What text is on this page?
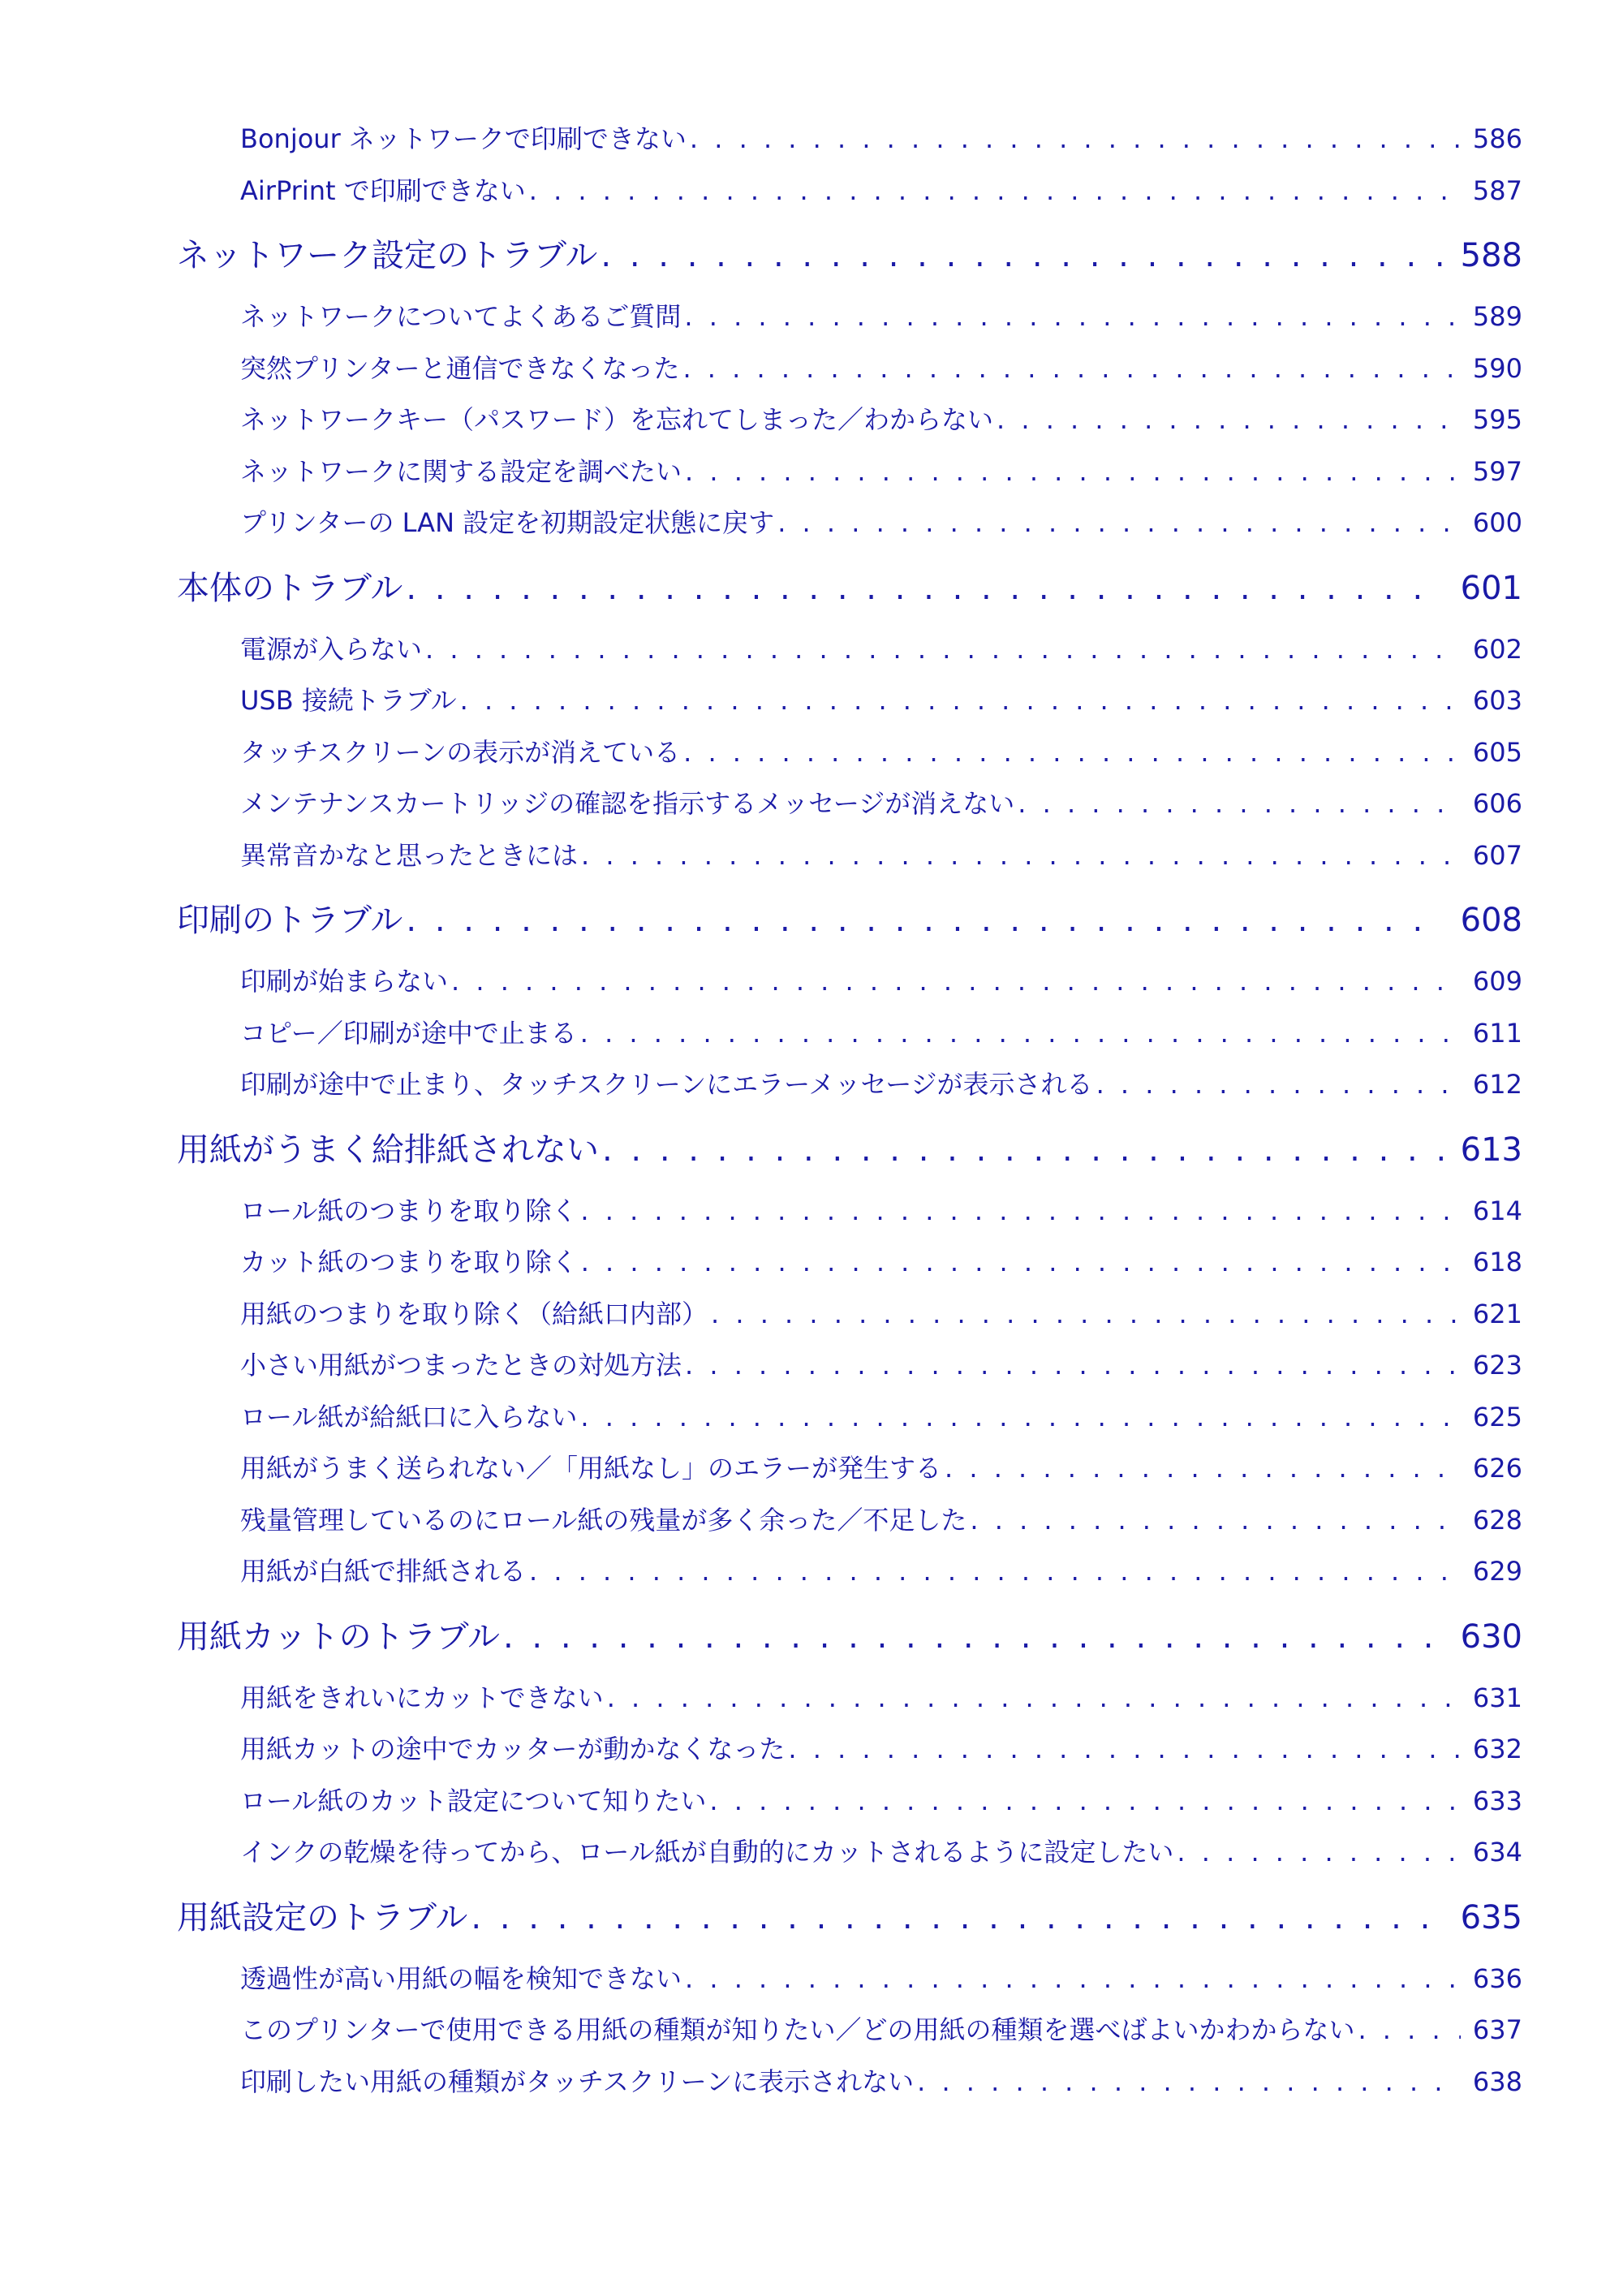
Bonjour ネットワークで印刷できない . . .	586
AirPrint で印刷できない . . .	587
ネットワーク設定のトラブル . . .	588
ネットワークについてよくあるご質問 . . .	589
突然プリンターと通信できなくなった . . .	590
ネットワークキー（パスワード）を忘れてしまった／わからない . . .	595
ネットワークに関する設定を調べたい . . .	597
プリンターの LAN 設定を初期設定状態に戻す . . .	600
本体のトラブル . . .	601
電源が入らない . . .	602
USB 接続トラブル . . .	603
タッチスクリーンの表示が消えている . . .	605
メンテナンスカートリッジの確認を指示するメッセージが消えない . . .	606
異常音かなと思ったときには . . .	607
印刷のトラブル . . .	608
印刷が始まらない . . .	609
コピー／印刷が途中で止まる . . .	611
印刷が途中で止まり、タッチスクリーンにエラーメッセージが表示される . . .	612
用紙がうまく給排紙されない . . .	613
ロール紙のつまりを取り除く . . .	614
カット紙のつまりを取り除く . . .	618
用紙のつまりを取り除く（給紙口内部） . . .	621
小さい用紙がつまったときの対処方法 . . .	623
ロール紙が給紙口に入らない . . .	625
用紙がうまく送られない／「用紙なし」のエラーが発生する . . .	626
残量管理しているのにロール紙の残量が多く余った／不足した . . .	628
用紙が白紙で排紙される . . .	629
用紙カットのトラブル . . .	630
用紙をきれいにカットできない . . .	631
用紙カットの途中でカッターが動かなくなった . . .	632
ロール紙のカット設定について知りたい . . .	633
インクの乾燥を待ってから、ロール紙が自動的にカットされるように設定したい . . .	634
用紙設定のトラブル . . .	635
透過性が高い用紙の幅を検知できない . . .	636
このプリンターで使用できる用紙の種類が知りたい／どの用紙の種類を選べばよいかわからない . . .	637
印刷したい用紙の種類がタッチスクリーンに表示されない . . .	638
